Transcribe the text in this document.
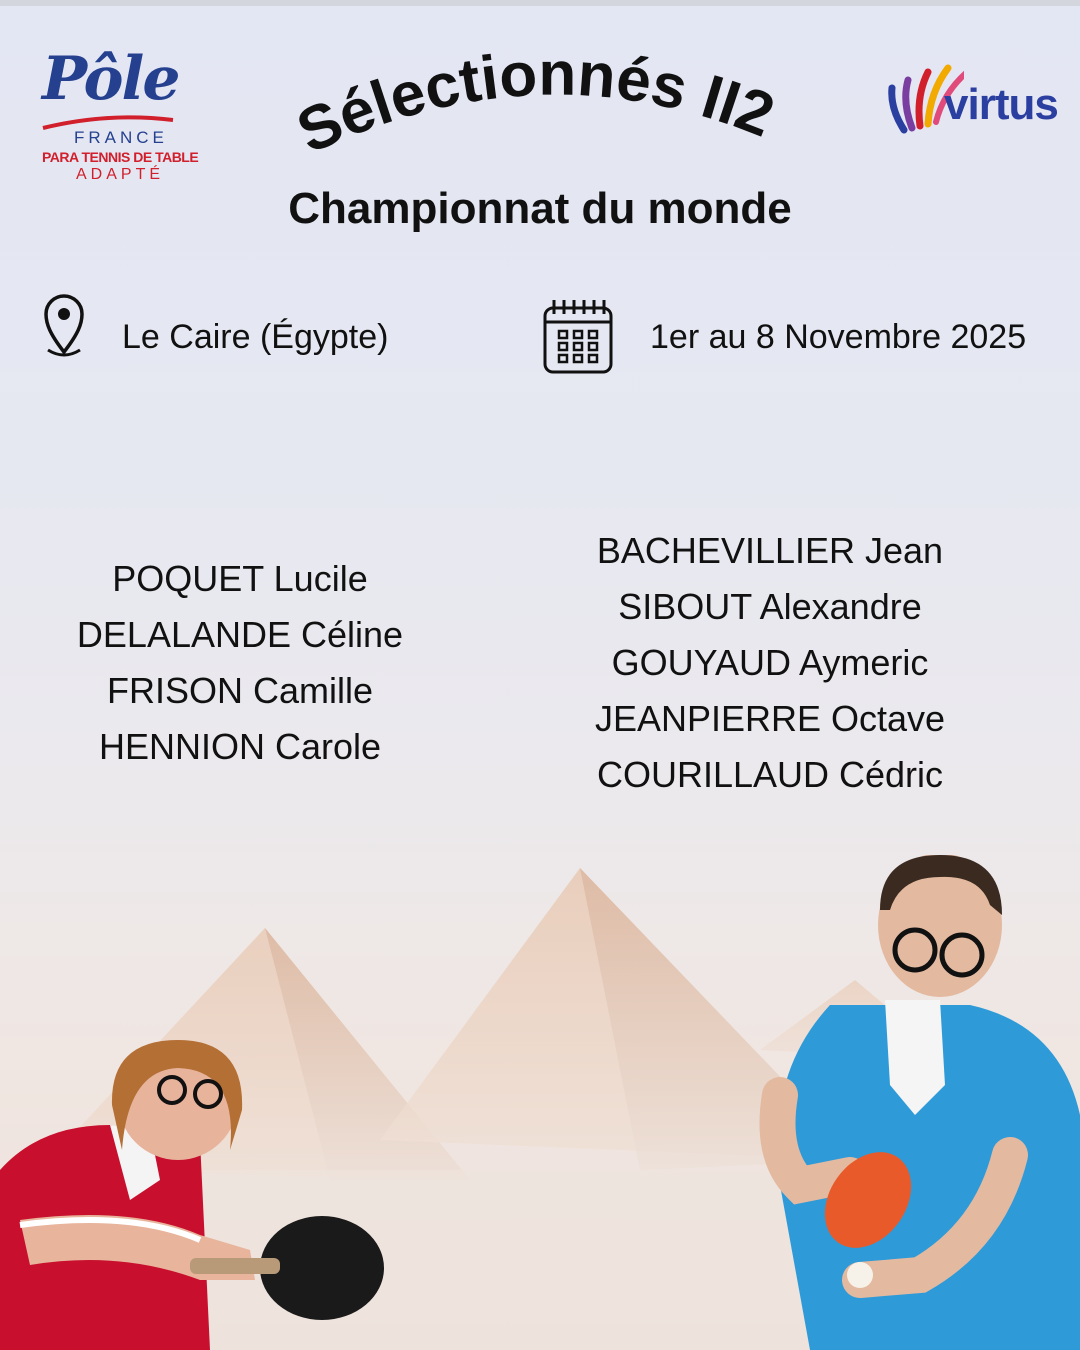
Pôle
FRANCE
PARA TENNIS DE TABLE
ADAPTÉ
virtus
Sélectionnés II2
Championnat du monde
Le Caire (Égypte)	1er au 8 Novembre 2025
POQUET Lucile
DELALANDE Céline
FRISON Camille
HENNION Carole
BACHEVILLIER Jean
SIBOUT Alexandre
GOUYAUD Aymeric
JEANPIERRE Octave
COURILLAUD Cédric
